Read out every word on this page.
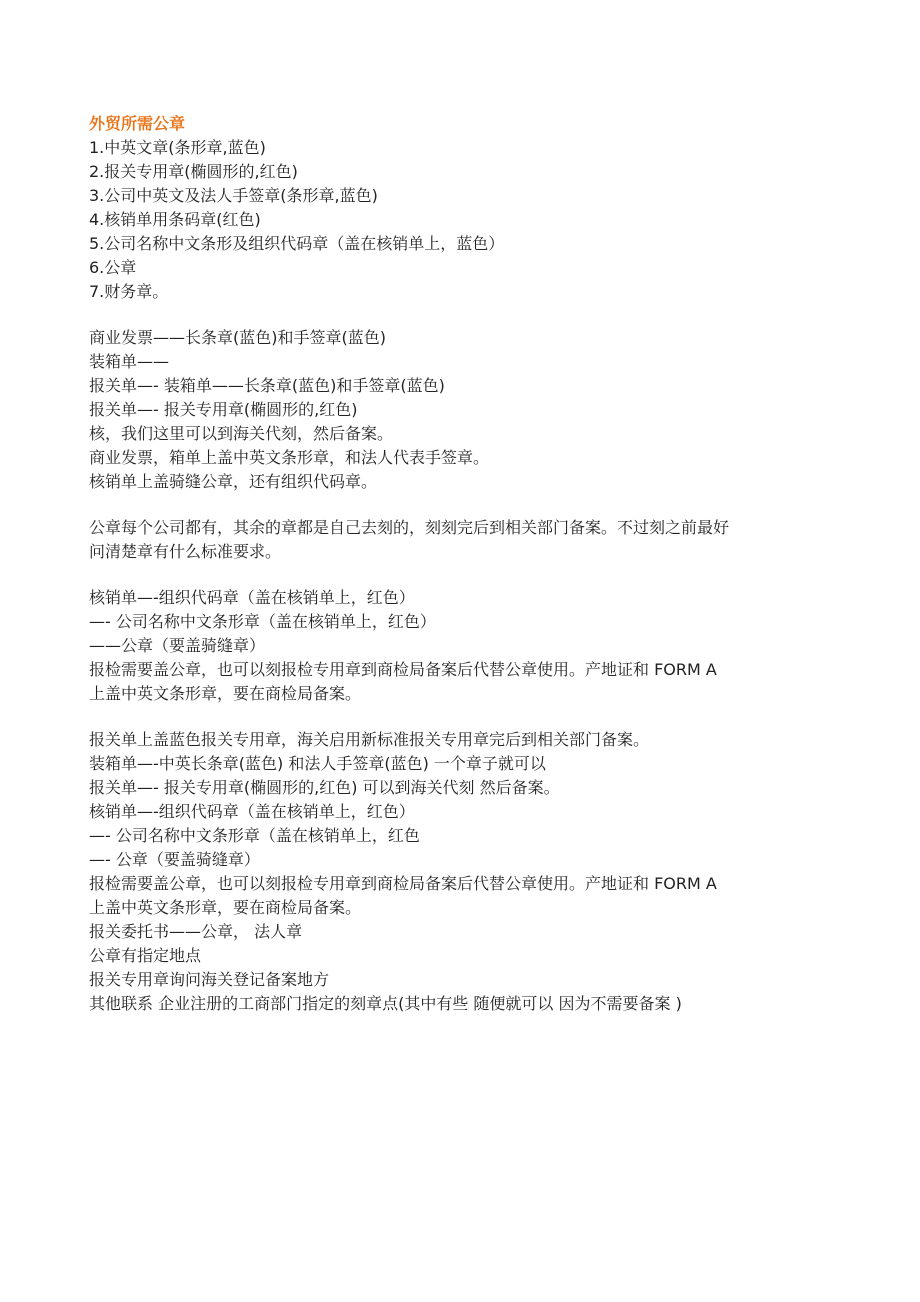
外贸所需公章

1.中英文章(条形章,蓝色)

2.报关专用章(椭圆形的,红色)

3.公司中英文及法人手签章(条形章,蓝色)

4.核销单用条码章(红色)

5.公司名称中文条形及组织代码章（盖在核销单上，蓝色）

6.公章

7.财务章。

商业发票——长条章(蓝色)和手签章(蓝色)

装箱单——

报关单—- 装箱单——长条章(蓝色)和手签章(蓝色)

报关单—- 报关专用章(椭圆形的,红色)

核，我们这里可以到海关代刻，然后备案。

商业发票，箱单上盖中英文条形章，和法人代表手签章。

核销单上盖骑缝公章，还有组织代码章。

公章每个公司都有，其余的章都是自己去刻的，刻刻完后到相关部门备案。不过刻之前最好

问清楚章有什么标准要求。

核销单—-组织代码章（盖在核销单上，红色）

—- 公司名称中文条形章（盖在核销单上，红色）

——公章（要盖骑缝章）

报检需要盖公章，也可以刻报检专用章到商检局备案后代替公章使用。产地证和 FORM A

上盖中英文条形章，要在商检局备案。

报关单上盖蓝色报关专用章，海关启用新标准报关专用章完后到相关部门备案。

装箱单—-中英长条章(蓝色) 和法人手签章(蓝色) 一个章子就可以

报关单—- 报关专用章(椭圆形的,红色) 可以到海关代刻 然后备案。

核销单—-组织代码章（盖在核销单上，红色）

—- 公司名称中文条形章（盖在核销单上，红色

—- 公章（要盖骑缝章）

报检需要盖公章，也可以刻报检专用章到商检局备案后代替公章使用。产地证和 FORM A

上盖中英文条形章，要在商检局备案。

报关委托书——公章， 法人章

公章有指定地点

报关专用章询问海关登记备案地方

其他联系 企业注册的工商部门指定的刻章点(其中有些 随便就可以 因为不需要备案 )
